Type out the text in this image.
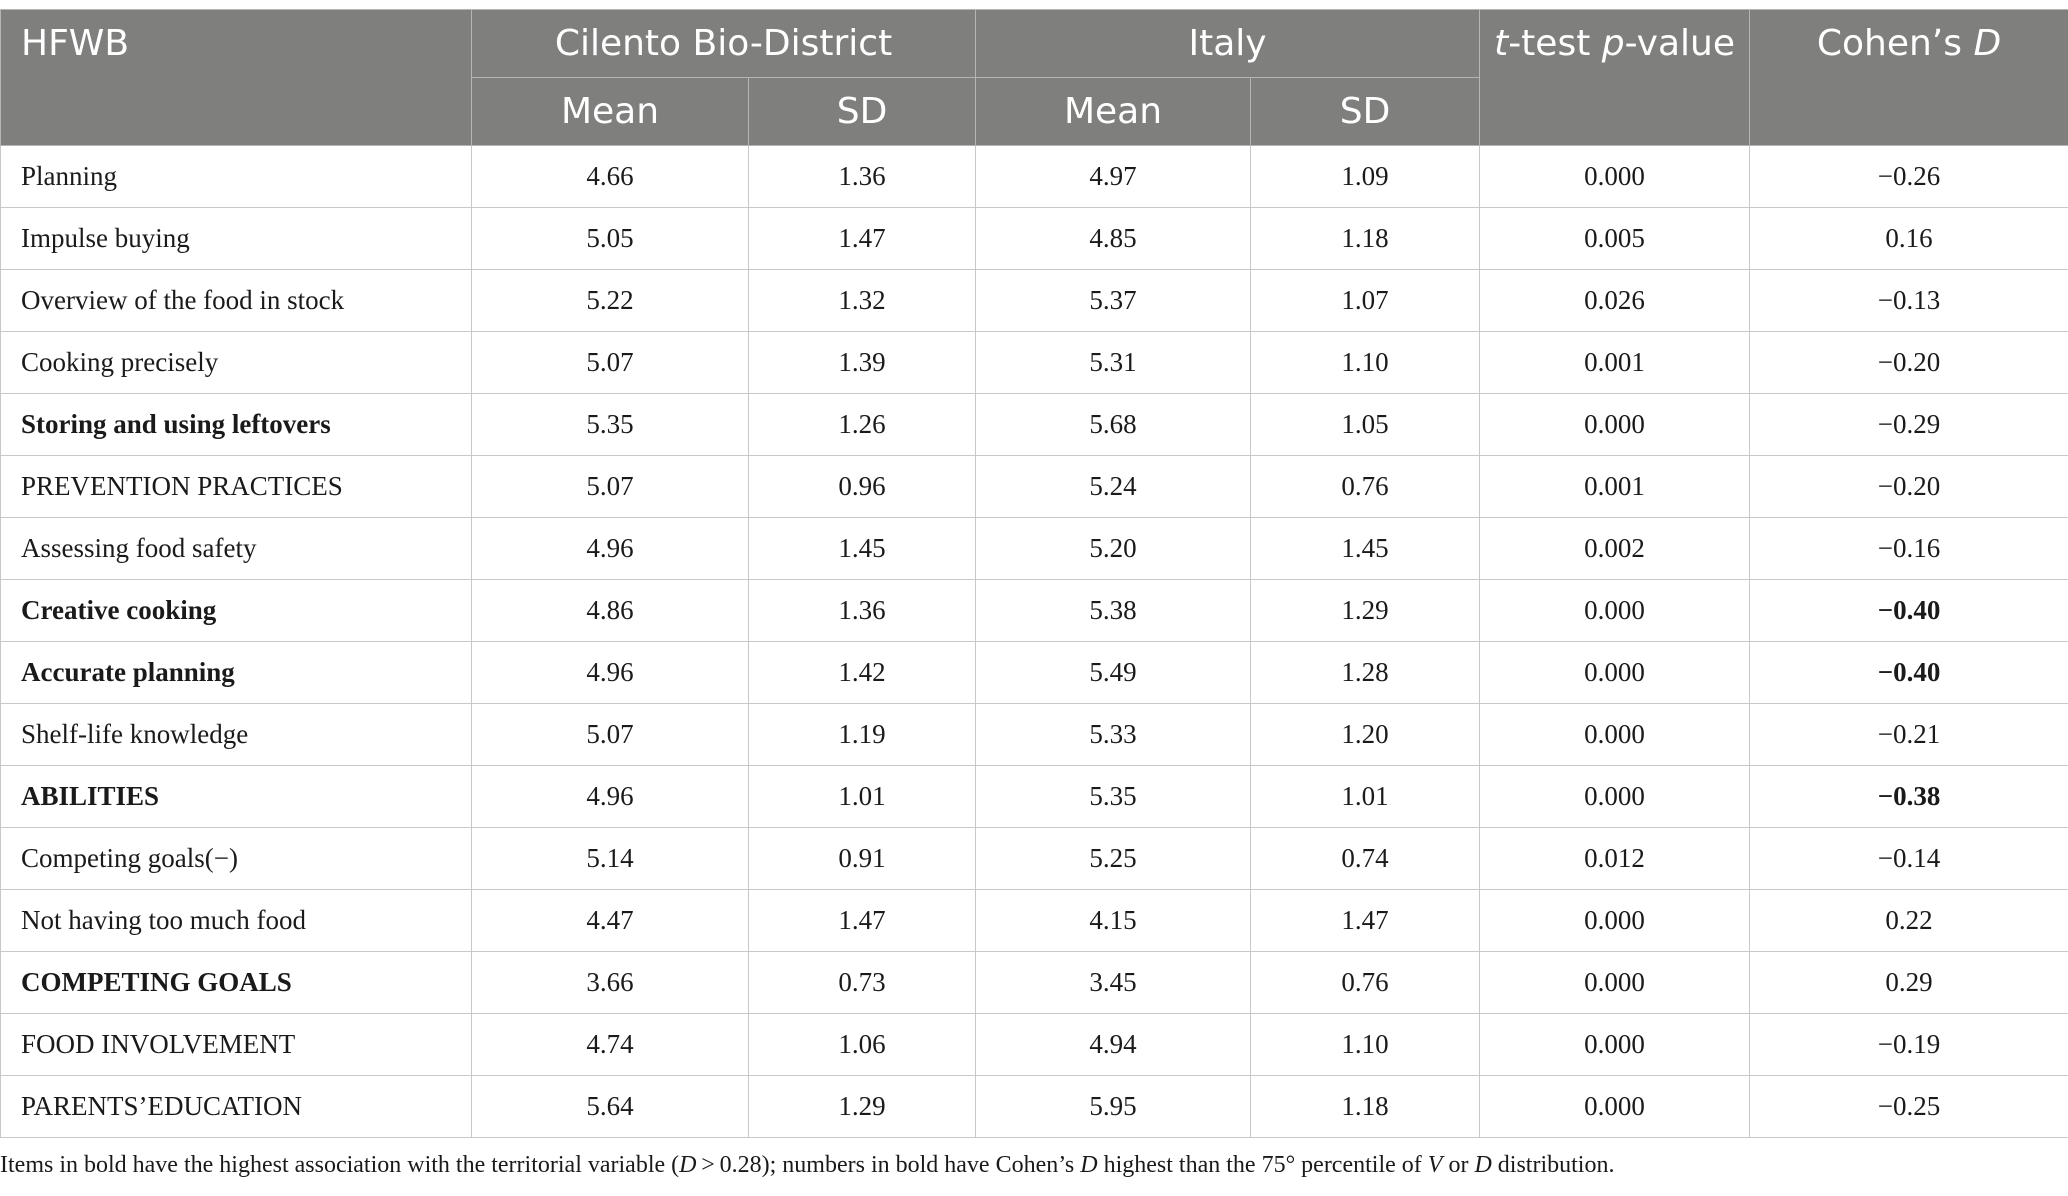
HFWB	Cilento Bio-District		Italy		t-test p-value	Cohen’s D
	Mean	SD	Mean	SD		
Planning	4.66	1.36	4.97	1.09	0.000	−0.26
Impulse buying	5.05	1.47	4.85	1.18	0.005	0.16
Overview of the food in stock	5.22	1.32	5.37	1.07	0.026	−0.13
Cooking precisely	5.07	1.39	5.31	1.10	0.001	−0.20
Storing and using leftovers	5.35	1.26	5.68	1.05	0.000	−0.29
PREVENTION PRACTICES	5.07	0.96	5.24	0.76	0.001	−0.20
Assessing food safety	4.96	1.45	5.20	1.45	0.002	−0.16
Creative cooking	4.86	1.36	5.38	1.29	0.000	−0.40
Accurate planning	4.96	1.42	5.49	1.28	0.000	−0.40
Shelf-life knowledge	5.07	1.19	5.33	1.20	0.000	−0.21
ABILITIES	4.96	1.01	5.35	1.01	0.000	−0.38
Competing goals(−)	5.14	0.91	5.25	0.74	0.012	−0.14
Not having too much food	4.47	1.47	4.15	1.47	0.000	0.22
COMPETING GOALS	3.66	0.73	3.45	0.76	0.000	0.29
FOOD INVOLVEMENT	4.74	1.06	4.94	1.10	0.000	−0.19
PARENTS’EDUCATION	5.64	1.29	5.95	1.18	0.000	−0.25
Items in bold have the highest association with the territorial variable (D > 0.28); numbers in bold have Cohen’s D highest than the 75° percentile of V or D distribution.
